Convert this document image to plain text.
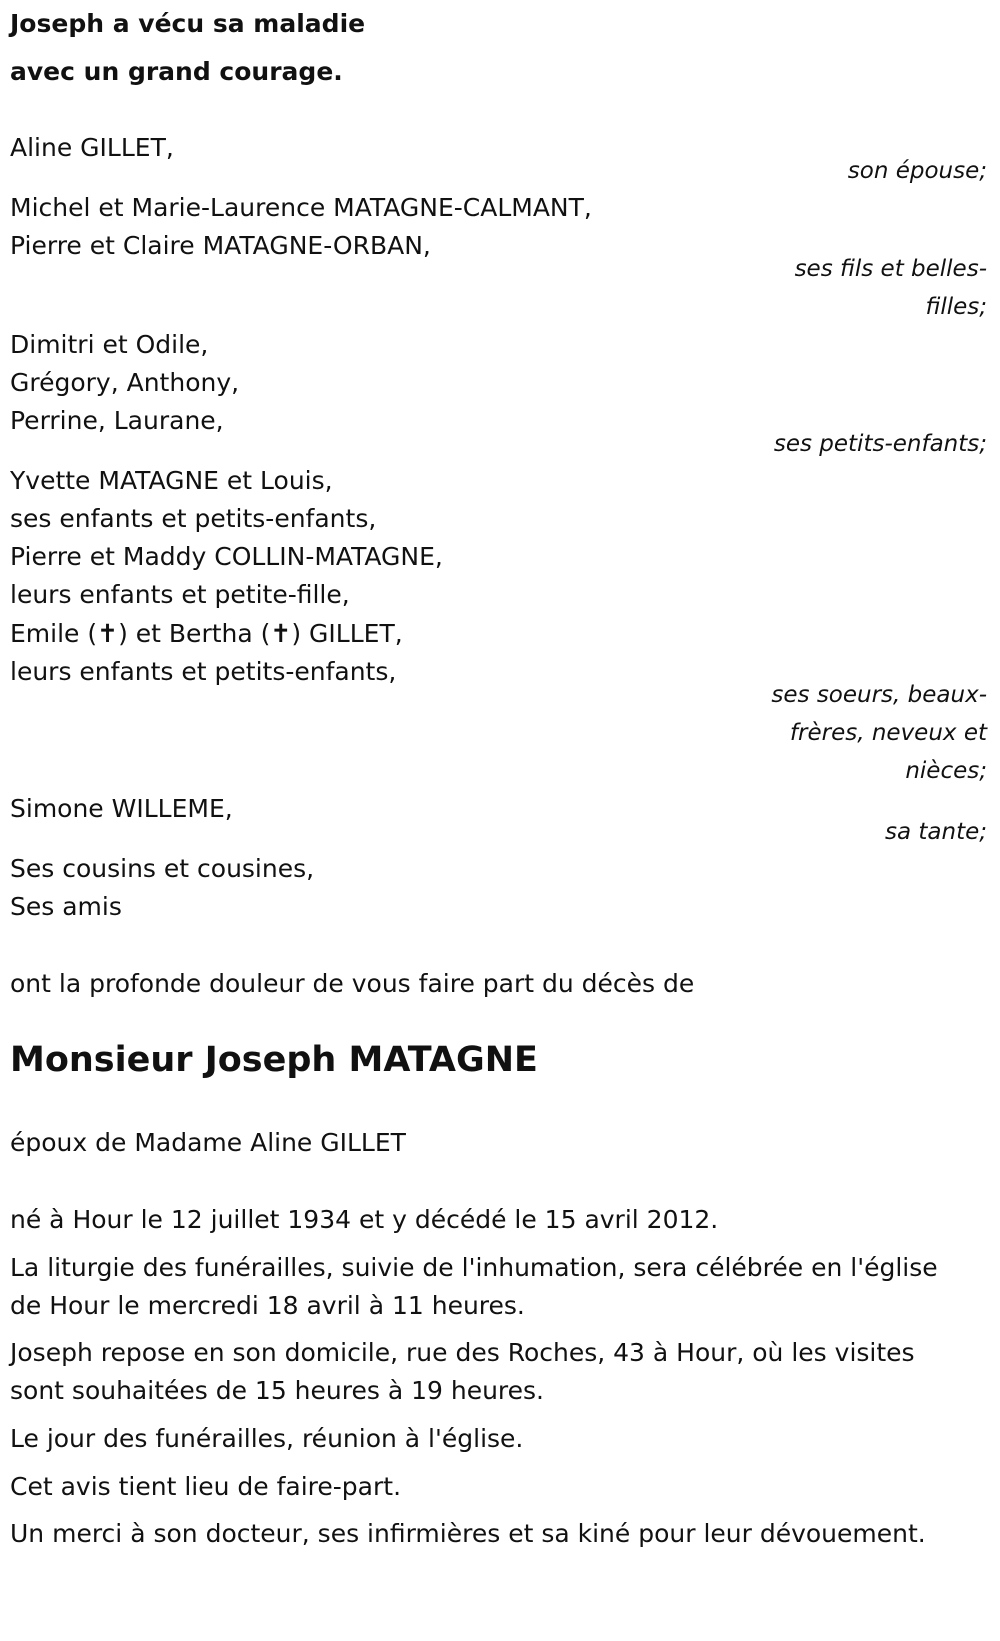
Joseph a vécu sa maladie
avec un grand courage.
Aline GILLET,
son épouse;
Michel et Marie-Laurence MATAGNE-CALMANT,
Pierre et Claire MATAGNE-ORBAN,
ses fils et belles-
filles;
Dimitri et Odile,
Grégory, Anthony,
Perrine, Laurane,
ses petits-enfants;
Yvette MATAGNE et Louis,
ses enfants et petits-enfants,
Pierre et Maddy COLLIN-MATAGNE,
leurs enfants et petite-fille,
Emile (✝) et Bertha (✝) GILLET,
leurs enfants et petits-enfants,
ses soeurs, beaux-
frères, neveux et
nièces;
Simone WILLEME,
sa tante;
Ses cousins et cousines,
Ses amis
ont la profonde douleur de vous faire part du décès de
Monsieur Joseph MATAGNE
époux de Madame Aline GILLET
né à Hour le 12 juillet 1934 et y décédé le 15 avril 2012.
La liturgie des funérailles, suivie de l'inhumation, sera célébrée en l'église
de Hour le mercredi 18 avril à 11 heures.
Joseph repose en son domicile, rue des Roches, 43 à Hour, où les visites
sont souhaitées de 15 heures à 19 heures.
Le jour des funérailles, réunion à l'église.
Cet avis tient lieu de faire-part.
Un merci à son docteur, ses infirmières et sa kiné pour leur dévouement.
